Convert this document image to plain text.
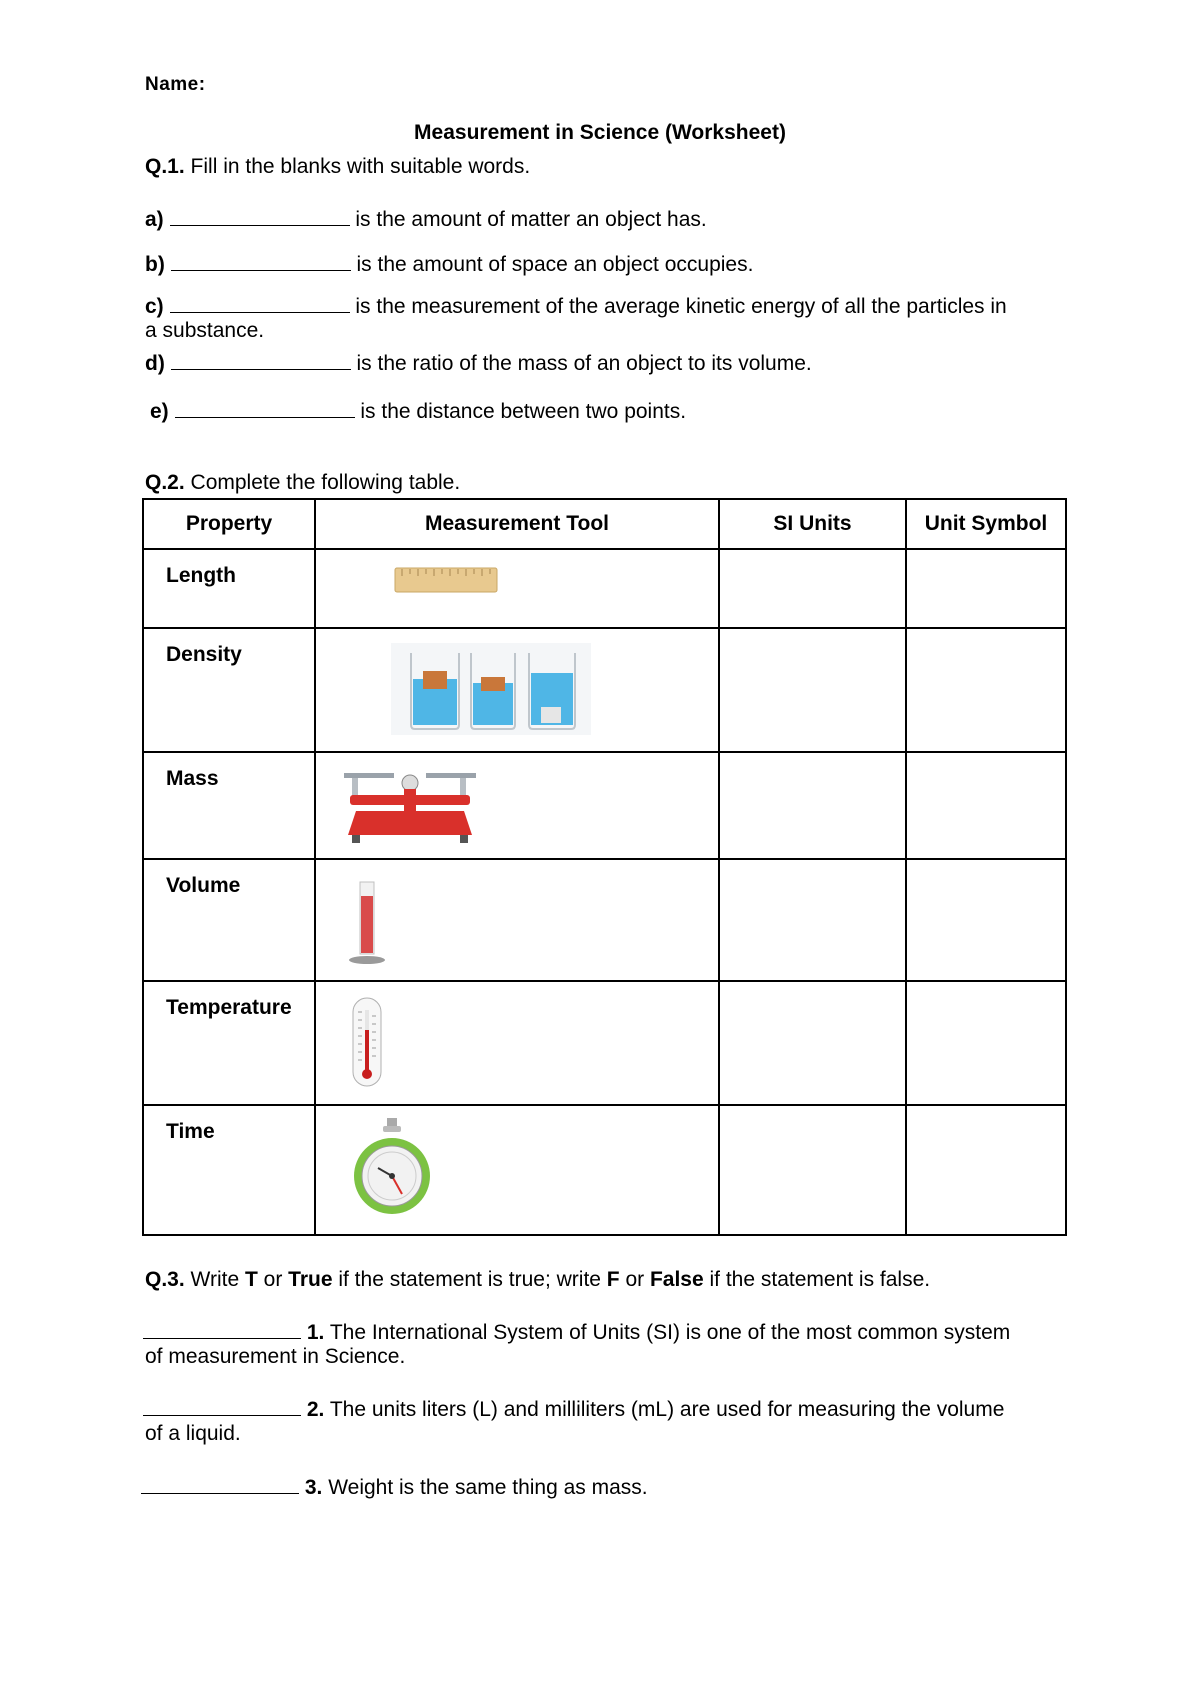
Name:
Measurement in Science (Worksheet)
Q.1. Fill in the blanks with suitable words.
a)	is the amount of matter an object has.
b)	is the amount of space an object occupies.
c)	is the measurement of the average kinetic energy of all the particles in
a substance.
d)	is the ratio of the mass of an object to its volume.
e)	is the distance between two points.
Q.2. Complete the following table.
Property	Measurement Tool	SI Units	Unit Symbol
Length	

Density	

Mass	

Volume	

Temperature	

Time	

Q.3. Write T or True if the statement is true; write F or False if the statement is false.
1. The International System of Units (SI) is one of the most common system
of measurement in Science.
2. The units liters (L) and milliliters (mL) are used for measuring the volume
of a liquid.
3. Weight is the same thing as mass.
